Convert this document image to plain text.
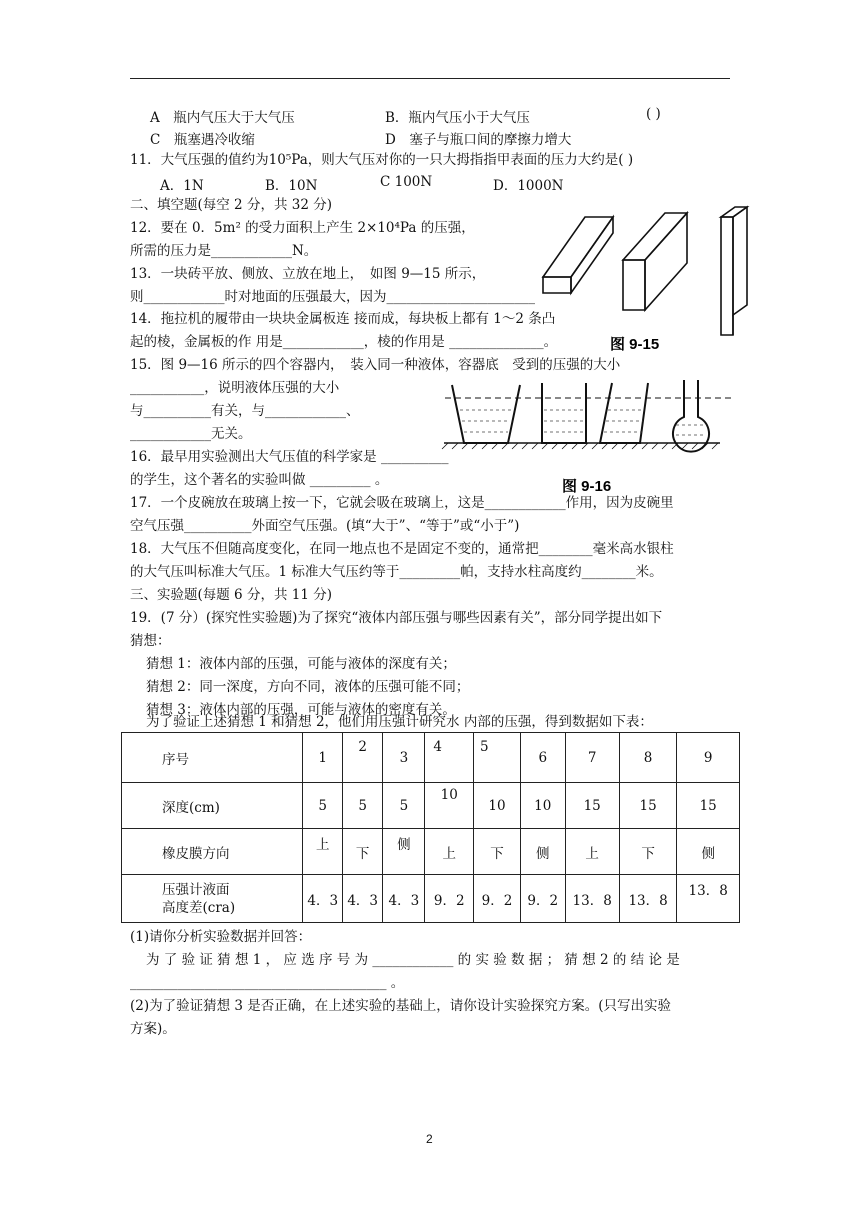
A　瓶内气压大于大气压	B．瓶内气压小于大气压	( )
C　瓶塞遇冷收缩	D　塞子与瓶口间的摩擦力增大
11．大气压强的值约为10⁵Pa，则大气压对你的一只大拇指指甲表面的压力大约是( )
A．1N	B．10N	C 100N	D．1000N
二、填空题(每空 2 分，共 32 分)
12．要在 0．5m² 的受力面积上产生 2×10⁴Pa 的压强，
所需的压力是____________N。
13．一块砖平放、侧放、立放在地上，　如图 9—15 所示，
则____________时对地面的压强最大，因为______________________
14．拖拉机的履带由一块块金属板连 接而成，每块板上都有 1～2 条凸
起的棱，金属板的作 用是____________，棱的作用是 ______________。	图 9-15
15．图 9—16 所示的四个容器内，　装入同一种液体，容器底　受到的压强的大小
___________，说明液体压强的大小
与__________有关，与____________、
____________无关。
图 9-16
16．最早用实验测出大气压值的科学家是 __________
的学生，这个著名的实验叫做 _________ 。
17．一个皮碗放在玻璃上按一下，它就会吸在玻璃上，这是____________作用，因为皮碗里
空气压强__________外面空气压强。(填“大于”、“等于”或“小于”)
18．大气压不但随高度变化，在同一地点也不是固定不变的，通常把________毫米高水银柱
的大气压叫标准大气压。1 标准大气压约等于_________帕，支持水柱高度约________米。
三、实验题(每题 6 分，共 11 分)
19．(7 分）(探究性实验题)为了探究“液体内部压强与哪些因素有关”，部分同学提出如下
猜想：
猜想 1：液体内部的压强，可能与液体的深度有关；
猜想 2：同一深度，方向不同，液体的压强可能不同；
猜想 3：液体内部的压强，可能与液体的密度有关。
为了验证上述猜想 1 和猜想 2，他们用压强计研究水 内部的压强，得到数据如下表：
序号	1	2	3	4	5	6	7	8	9
深度(cm)	5	5	5	10	10	10	15	15	15
橡皮膜方向	上	下	侧	上	下	侧	上	下	侧
压强计液面
高度差(cra)	4．3	4．3	4．3	9．2	9．2	9．2	13．8	13．8	13．8
(1)请你分析实验数据并回答：
为 了 验 证 猜 想 1 ， 应 选 序 号 为 ____________ 的 实 验 数 据 ； 猜 想 2 的 结 论 是
______________________________________ 。
(2)为了验证猜想 3 是否正确，在上述实验的基础上，请你设计实验探究方案。(只写出实验
方案)。
2
